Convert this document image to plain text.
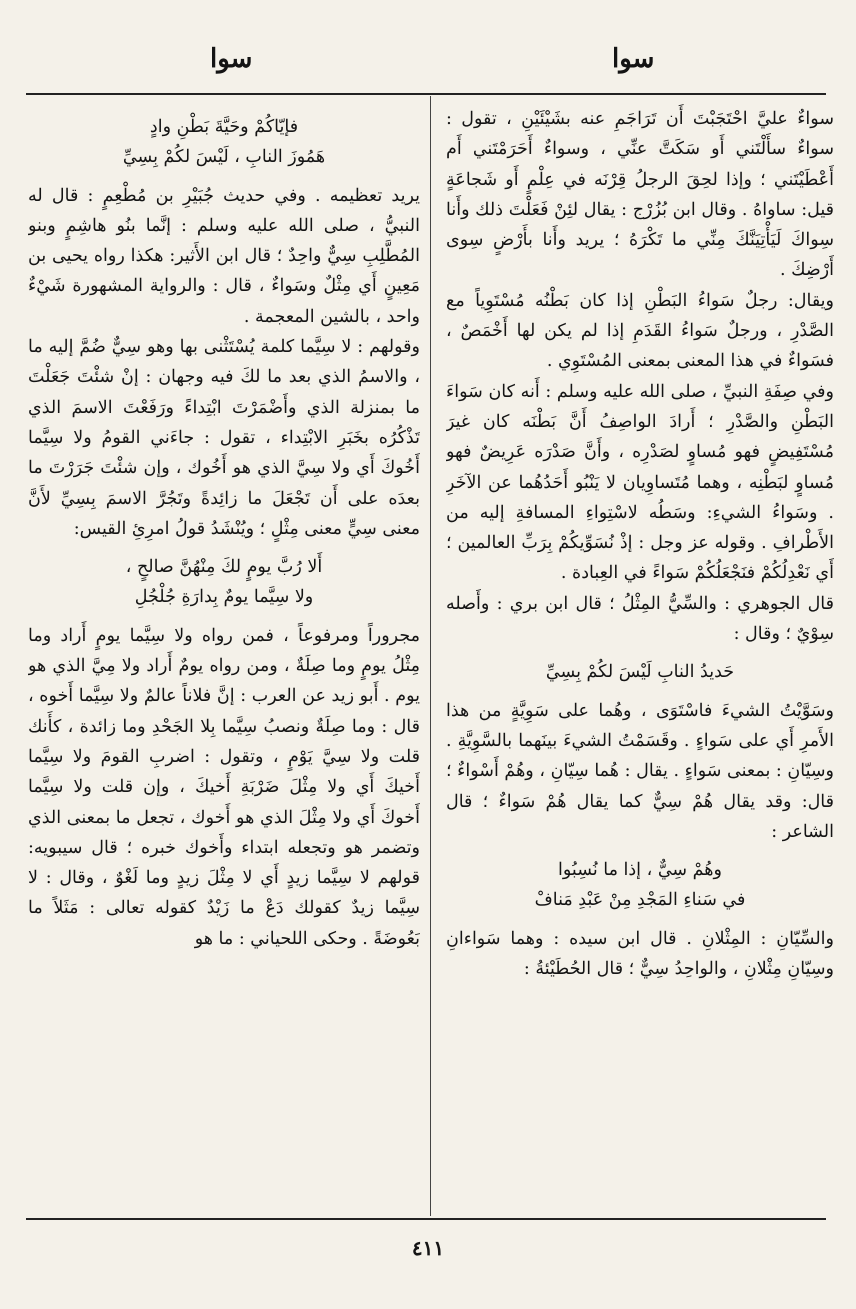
سوا
سوا

سواءٌ عليَّ احْتَجَبْتَ أَن تَرَاجَمِ عنه بشَيْئَيْنِ ، تقول : سواءٌ سأَلْتَني أَو سَكَتَّ عنِّي ، وسواءٌ أَحَرَمْتَني أَم أَعْطَيْتَني ؛ وإذا لحِقَ الرجلُ قِرْنَه في عِلْمٍ أَو شَجاعَةٍ قيل: ساواهُ . وقال ابن بُزُرْج : يقال لئِنْ فَعَلْتَ ذلك وأَنا سِواكَ لَيَأْتِيَنَّكَ مِنِّي ما تَكْرَهُ ؛ يريد وأَنا بأَرْضٍ سِوى أَرْضِكَ .

ويقال: رجلٌ سَواءُ البَطْنِ إذا كان بَطْنُه مُسْتَوِياً مع الصَّدْرِ ، ورجلٌ سَواءُ القَدَمِ إذا لم يكن لها أَخْمَصٌ ، فسَواءٌ في هذا المعنى بمعنى المُسْتَوِي .

وفي صِفَةِ النبيِّ ، صلى الله عليه وسلم : أَنه كان سَواءَ البَطْنِ والصَّدْرِ ؛ أَرادَ الواصِفُ أَنَّ بَطْنَه كان غيرَ مُسْتَفِيضٍ فهو مُساوٍ لصَدْرِه ، وأَنَّ صَدْرَه عَرِيضٌ فهو مُساوٍ لبَطْنِه ، وهما مُتَساوِيان لا يَنْبُو أَحَدُهُما عن الآخَرِ . وسَواءُ الشيءِ: وسَطُه لاسْتِواءِ المسافةِ إليه من الأَطْرافِ . وقوله عز وجل : إذْ نُسَوِّيكُمْ بِرَبِّ العالمين ؛ أَي نَعْدِلُكُمْ فنَجْعَلُكُمْ سَواءً في العِبادة .

قال الجوهري : والسِّيُّ المِثْلُ ؛ قال ابن بري : وأَصله سِوْيٌ ؛ وقال :

حَديدُ النابِ لَيْسَ لكُمْ بِسِيِّ

وسَوَّيْتُ الشيءَ فاسْتَوَى ، وهُما على سَوِيَّةٍ من هذا الأَمرِ أَي على سَواءٍ . وقَسَمْتُ الشيءَ بينَهما بالسَّوِيَّةِ . وسِيّانِ : بمعنى سَواءٍ . يقال : هُما سِيّانِ ، وهُمْ أَسْواءٌ ؛ قال: وقد يقال هُمْ سِيٌّ كما يقال هُمْ سَواءٌ ؛ قال الشاعر :

وهُمْ سِيٌّ ، إذا ما نُسِبُوا

في سَناءِ المَجْدِ مِنْ عَبْدِ مَنافْ

والسِّيّانِ : المِثْلانِ . قال ابن سيده : وهما سَواءانِ وسِيّانِ مِثْلانِ ، والواحِدُ سِيٌّ ؛ قال الحُطَيْئةُ :

فإيّاكُمْ وحَيَّةَ بَطْنِ وادٍ

هَمُوزَ النابِ ، لَيْسَ لكُمْ بِسِيِّ

يريد تعظيمه . وفي حديث جُبَيْرِ بن مُطْعِمٍ : قال له النبيُّ ، صلى الله عليه وسلم : إنَّما بنُو هاشِمٍ وبنو المُطَّلِبِ سِيٌّ واحِدٌ ؛ قال ابن الأَثير: هكذا رواه يحيى بن مَعِينٍ أَي مِثْلٌ وسَواءٌ ، قال : والرواية المشهورة شَيْءٌ واحد ، بالشين المعجمة .

وقولهم : لا سِيَّما كلمة يُسْتَثْنى بها وهو سِيٌّ ضُمَّ إليه ما ، والاسمُ الذي بعد ما لكَ فيه وجهان : إنْ شئْتَ جَعَلْتَ ما بمنزلة الذي وأَضْمَرْتَ ابْتِداءً ورَفَعْتَ الاسمَ الذي تَذْكُرُه بخَبَرِ الابْتِداء ، تقول : جاءَني القومُ ولا سِيَّما أَخُوكَ أَي ولا سِيَّ الذي هو أَخُوك ، وإن شئْتَ جَرَرْتَ ما بعدَه على أَن تَجْعَلَ ما زائِدةً وتَجُرَّ الاسمَ بِسِيِّ لأَنَّ معنى سِيٍّ معنى مِثْلٍ ؛ ويُنْشَدُ قولُ امرِئِ القيس:

أَلا رُبَّ يومٍ لكَ مِنْهُنَّ صالحٍ ،

ولا سِيَّما يومٌ بِدارَةِ جُلْجُلِ

مجروراً ومرفوعاً ، فمن رواه ولا سِيَّما يومٍ أَراد وما مِثْلُ يومٍ وما صِلَةٌ ، ومن رواه يومٌ أَراد ولا مِيَّ الذي هو يوم . أَبو زيد عن العرب : إنَّ فلاناً عالمٌ ولا سِيَّما أَخوه ، قال : وما صِلَةٌ ونصبُ سِيَّما بِلا الجَحْدِ وما زائدة ، كأَنك قلت ولا سِيَّ يَوْمٍ ، وتقول : اضربِ القومَ ولا سِيَّما أَخيكَ أَي ولا مِثْلَ ضَرْبَةِ أَخيكَ ، وإن قلت ولا سِيَّما أَخوكَ أَي ولا مِثْلَ الذي هو أَخوك ، تجعل ما بمعنى الذي وتضمر هو وتجعله ابتداء وأَخوك خبره ؛ قال سيبويه: قولهم لا سِيَّما زيدٍ أَي لا مِثْلَ زيدٍ وما لَغْوٌ ، وقال : لا سِيَّما زيدٌ كقولك دَعْ ما زَيْدٌ كقوله تعالى : مَثَلاً ما بَعُوضَةً . وحكى اللحياني : ما هو

٤١١
